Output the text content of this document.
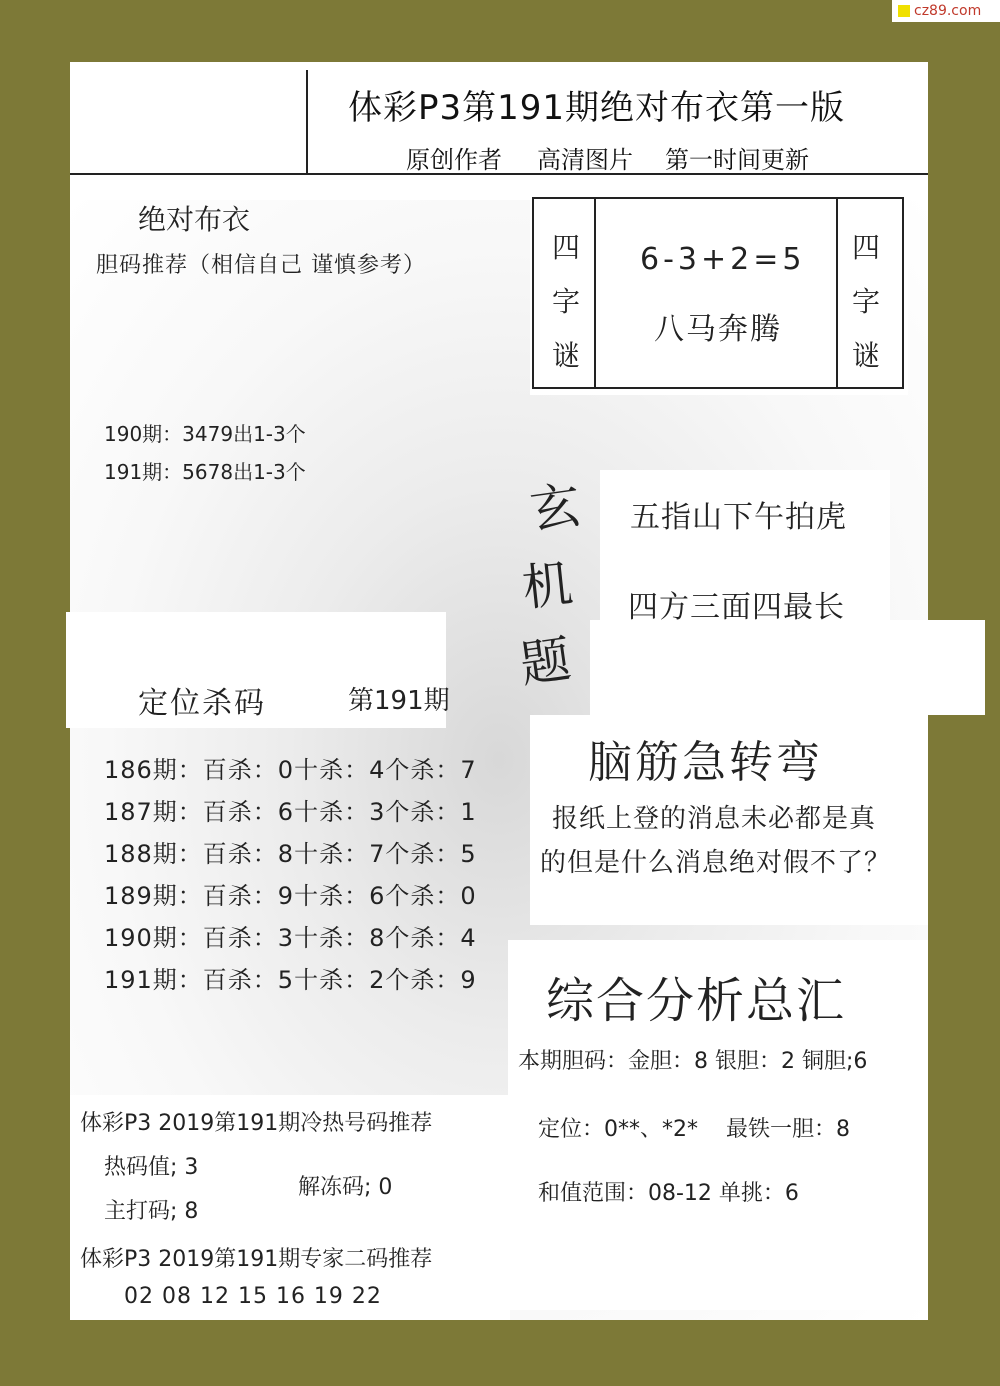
cz89.com
体彩P3第191期绝对布衣第一版
原创作者 高清图片 第一时间更新
绝对布衣
胆码推荐（相信自己 谨慎参考）
190期：3479出1-3个
191期：5678出1-3个
四
字
谜
四
字
谜
6-3+2=5
八马奔腾
玄
机
题
五指山下午拍虎
四方三面四最长
定位杀码	第191期
186期：百杀：0十杀：4个杀：7
187期：百杀：6十杀：3个杀：1
188期：百杀：8十杀：7个杀：5
189期：百杀：9十杀：6个杀：0
190期：百杀：3十杀：8个杀：4
191期：百杀：5十杀：2个杀：9
脑筋急转弯
报纸上登的消息未必都是真
的但是什么消息绝对假不了？
综合分析总汇
本期胆码：金胆：8 银胆：2 铜胆;6
定位：0**、*2*    最铁一胆：8
和值范围：08-12 单挑：6
体彩P3 2019第191期冷热号码推荐
热码值; 3
主打码; 8
解冻码; 0
体彩P3 2019第191期专家二码推荐
02 08 12 15 16 19 22
